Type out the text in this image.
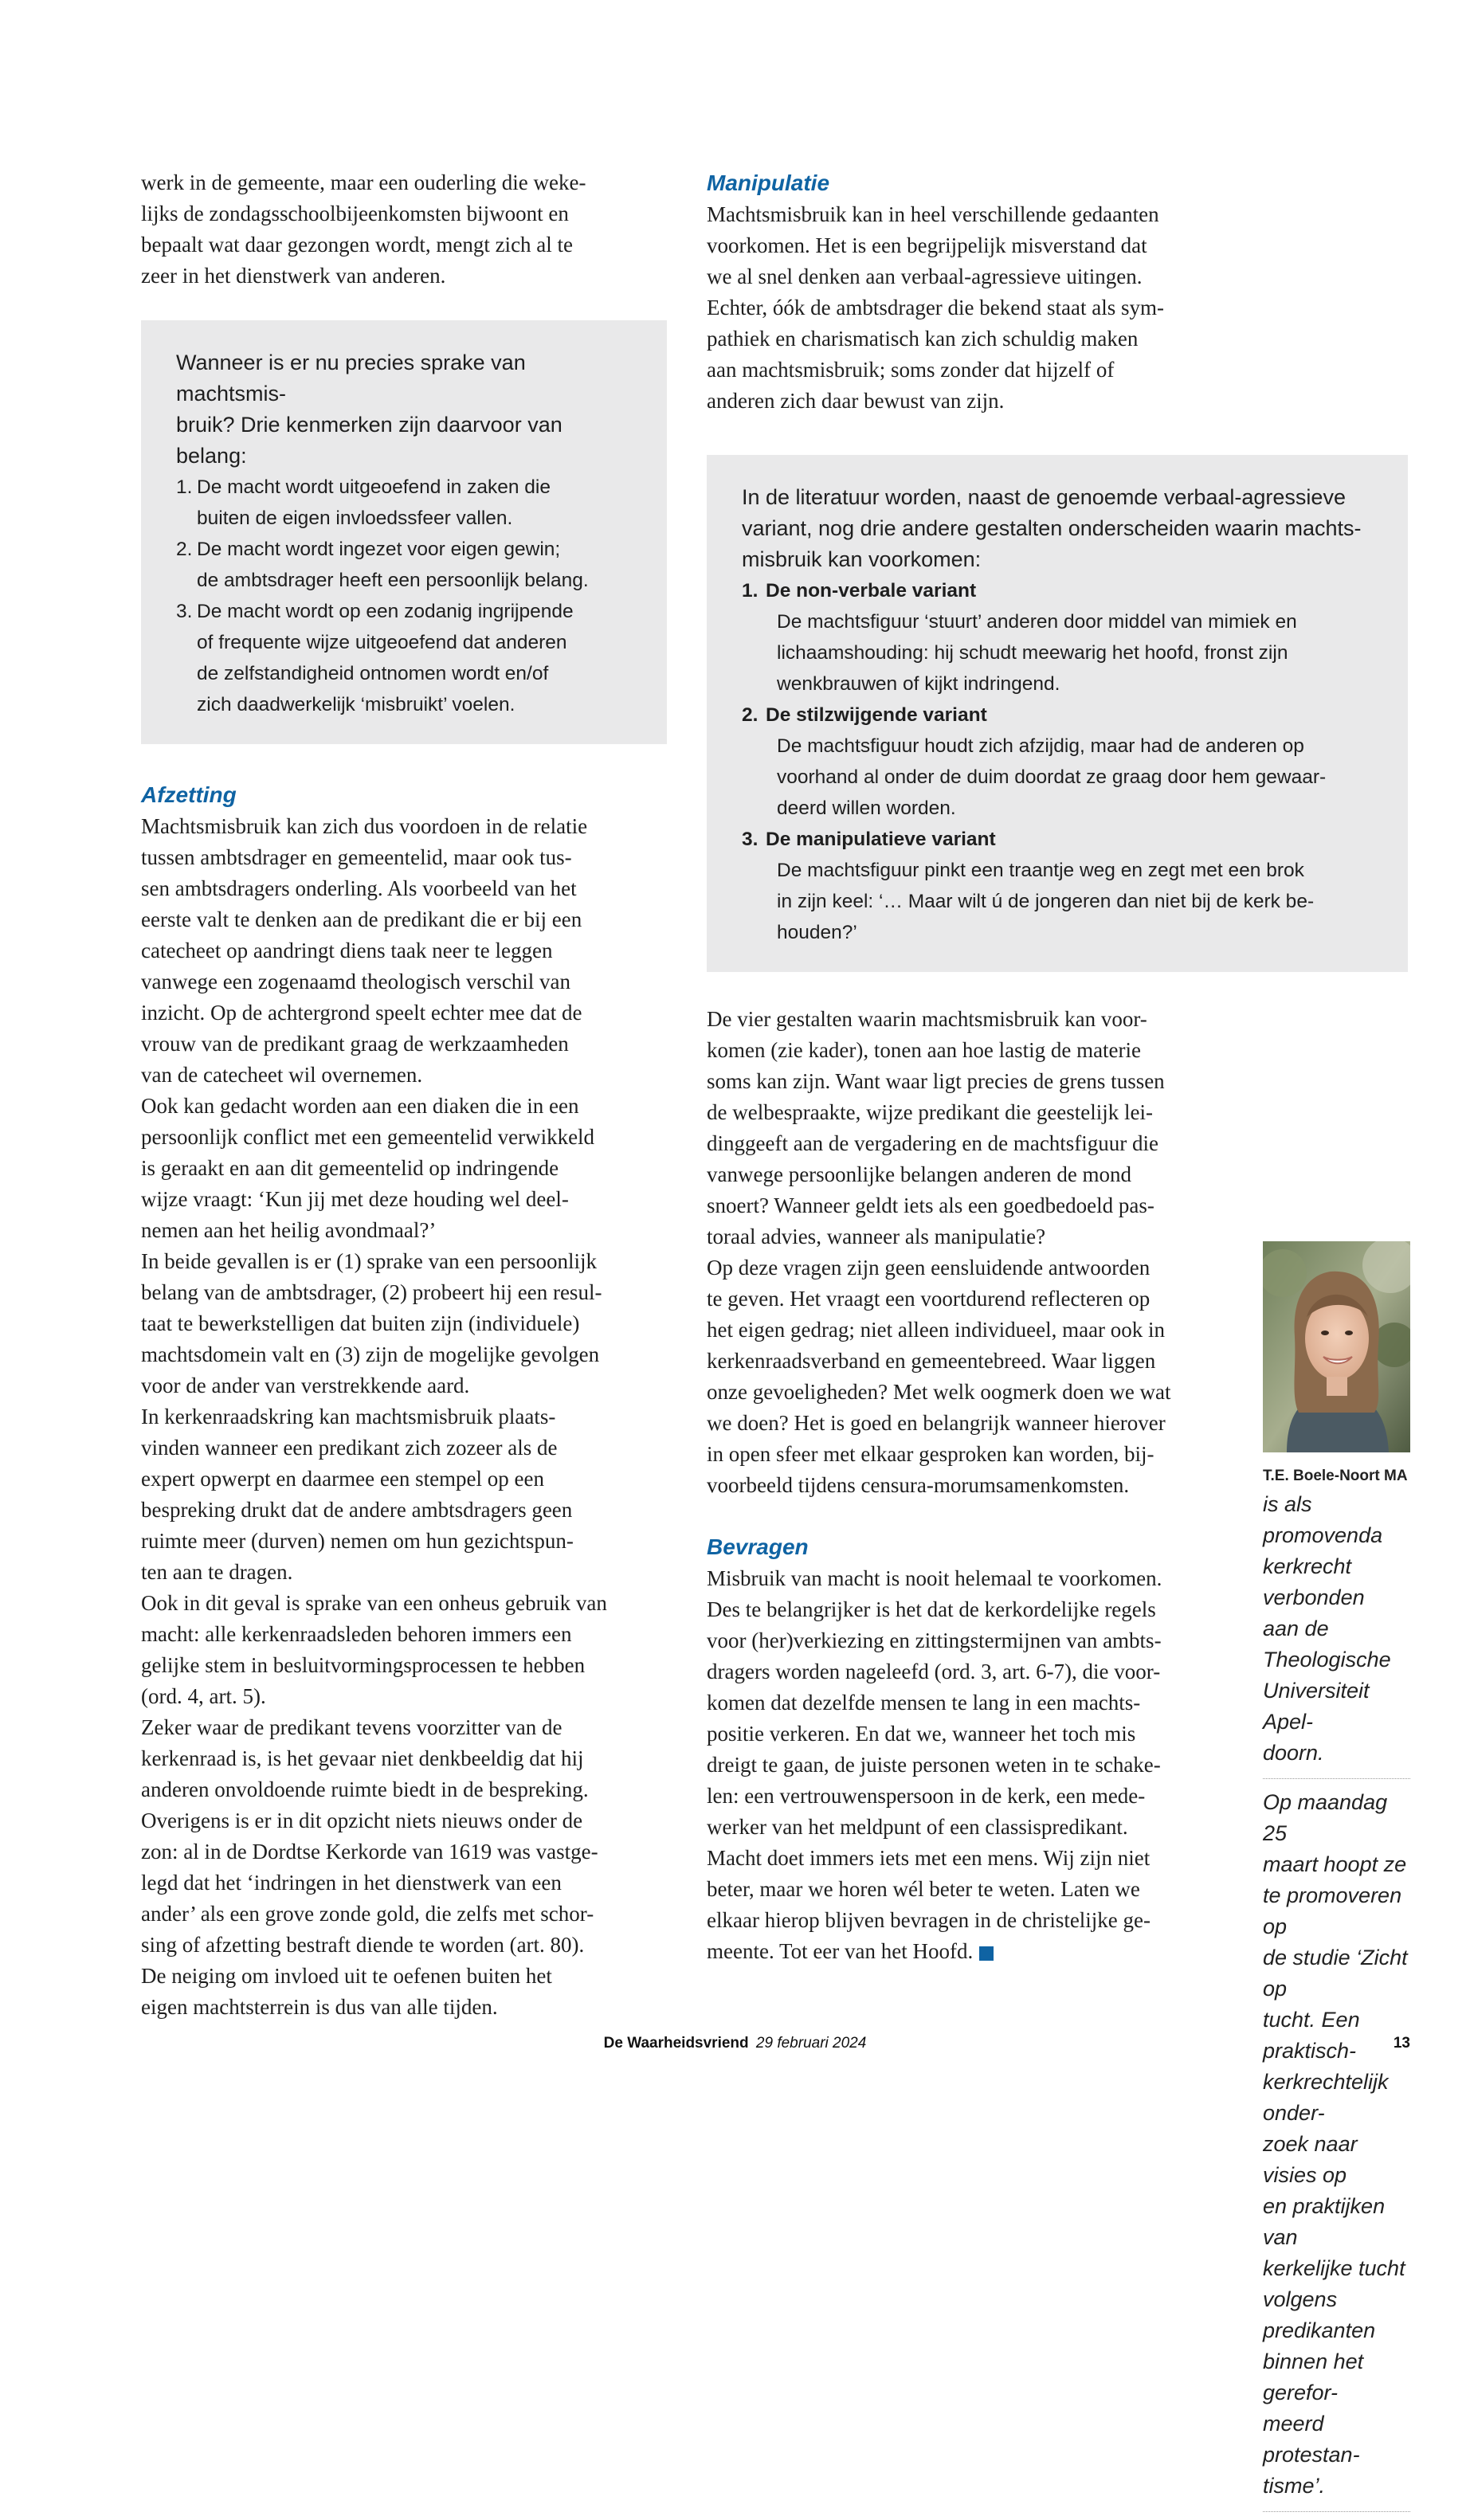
werk in de gemeente, maar een ouderling die weke-
lijks de zondagsschoolbijeenkomsten bijwoont en
bepaalt wat daar gezongen wordt, mengt zich al te
zeer in het dienstwerk van anderen.
Wanneer is er nu precies sprake van machtsmis-
bruik? Drie kenmerken zijn daarvoor van belang:
1. De macht wordt uitgeoefend in zaken die
buiten de eigen invloedssfeer vallen.
2. De macht wordt ingezet voor eigen gewin;
de ambtsdrager heeft een persoonlijk belang.
3. De macht wordt op een zodanig ingrijpende
of frequente wijze uitgeoefend dat anderen
de zelfstandigheid ontnomen wordt en/of
zich daadwerkelijk ‘misbruikt’ voelen.
Afzetting
Machtsmisbruik kan zich dus voordoen in de relatie
tussen ambtsdrager en gemeentelid, maar ook tus-
sen ambtsdragers onderling. Als voorbeeld van het
eerste valt te denken aan de predikant die er bij een
catecheet op aandringt diens taak neer te leggen
vanwege een zogenaamd theologisch verschil van
inzicht. Op de achtergrond speelt echter mee dat de
vrouw van de predikant graag de werkzaamheden
van de catecheet wil overnemen.
Ook kan gedacht worden aan een diaken die in een
persoonlijk conflict met een gemeentelid verwikkeld
is geraakt en aan dit gemeentelid op indringende
wijze vraagt: ‘Kun jij met deze houding wel deel-
nemen aan het heilig avondmaal?’
In beide gevallen is er (1) sprake van een persoonlijk
belang van de ambtsdrager, (2) probeert hij een resul-
taat te bewerkstelligen dat buiten zijn (individuele)
machtsdomein valt en (3) zijn de mogelijke gevolgen
voor de ander van verstrekkende aard.
In kerkenraadskring kan machtsmisbruik plaats-
vinden wanneer een predikant zich zozeer als de
expert opwerpt en daarmee een stempel op een
bespreking drukt dat de andere ambtsdragers geen
ruimte meer (durven) nemen om hun gezichtspun-
ten aan te dragen.
Ook in dit geval is sprake van een onheus gebruik van
macht: alle kerkenraadsleden behoren immers een
gelijke stem in besluitvormingsprocessen te hebben
(ord. 4, art. 5).
Zeker waar de predikant tevens voorzitter van de
kerkenraad is, is het gevaar niet denkbeeldig dat hij
anderen onvoldoende ruimte biedt in de bespreking.
Overigens is er in dit opzicht niets nieuws onder de
zon: al in de Dordtse Kerkorde van 1619 was vastge-
legd dat het ‘indringen in het dienstwerk van een
ander’ als een grove zonde gold, die zelfs met schor-
sing of afzetting bestraft diende te worden (art. 80).
De neiging om invloed uit te oefenen buiten het
eigen machtsterrein is dus van alle tijden.
Manipulatie
Machtsmisbruik kan in heel verschillende gedaanten
voorkomen. Het is een begrijpelijk misverstand dat
we al snel denken aan verbaal-agressieve uitingen.
Echter, óók de ambtsdrager die bekend staat als sym-
pathiek en charismatisch kan zich schuldig maken
aan machtsmisbruik; soms zonder dat hijzelf of
anderen zich daar bewust van zijn.
In de literatuur worden, naast de genoemde verbaal-agressieve
variant, nog drie andere gestalten onderscheiden waarin machts-
misbruik kan voorkomen:
1. De non-verbale variant
De machtsfiguur ‘stuurt’ anderen door middel van mimiek en
lichaamshouding: hij schudt meewarig het hoofd, fronst zijn
wenkbrauwen of kijkt indringend.
2. De stilzwijgende variant
De machtsfiguur houdt zich afzijdig, maar had de anderen op
voorhand al onder de duim doordat ze graag door hem gewaar-
deerd willen worden.
3. De manipulatieve variant
De machtsfiguur pinkt een traantje weg en zegt met een brok
in zijn keel: ‘… Maar wilt ú de jongeren dan niet bij de kerk be-
houden?’
De vier gestalten waarin machtsmisbruik kan voor-
komen (zie kader), tonen aan hoe lastig de materie
soms kan zijn. Want waar ligt precies de grens tussen
de welbespraakte, wijze predikant die geestelijk lei-
dinggeeft aan de vergadering en de machtsfiguur die
vanwege persoonlijke belangen anderen de mond
snoert? Wanneer geldt iets als een goedbedoeld pas-
toraal advies, wanneer als manipulatie?
Op deze vragen zijn geen eensluidende antwoorden
te geven. Het vraagt een voortdurend reflecteren op
het eigen gedrag; niet alleen individueel, maar ook in
kerkenraadsverband en gemeentebreed. Waar liggen
onze gevoeligheden? Met welk oogmerk doen we wat
we doen? Het is goed en belangrijk wanneer hierover
in open sfeer met elkaar gesproken kan worden, bij-
voorbeeld tijdens censura-morumsamenkomsten.
Bevragen
Misbruik van macht is nooit helemaal te voorkomen.
Des te belangrijker is het dat de kerkordelijke regels
voor (her)verkiezing en zittingstermijnen van ambts-
dragers worden nageleefd (ord. 3, art. 6-7), die voor-
komen dat dezelfde mensen te lang in een machts-
positie verkeren. En dat we, wanneer het toch mis
dreigt te gaan, de juiste personen weten in te schake-
len: een vertrouwenspersoon in de kerk, een mede-
werker van het meldpunt of een classispredikant.
Macht doet immers iets met een mens. Wij zijn niet
beter, maar we horen wél beter te weten. Laten we
elkaar hierop blijven bevragen in de christelijke ge-
meente. Tot eer van het Hoofd.
T.E. Boele-Noort MA
is als promovenda
kerkrecht verbonden
aan de Theologische
Universiteit Apel-
doorn.
Op maandag 25
maart hoopt ze
te promoveren op
de studie ‘Zicht op
tucht. Een praktisch-
kerkrechtelijk onder-
zoek naar visies op
en praktijken van
kerkelijke tucht
volgens predikanten
binnen het gerefor-
meerd protestan-
tisme’.
De Waarheidsvriend 29 februari 2024	13
